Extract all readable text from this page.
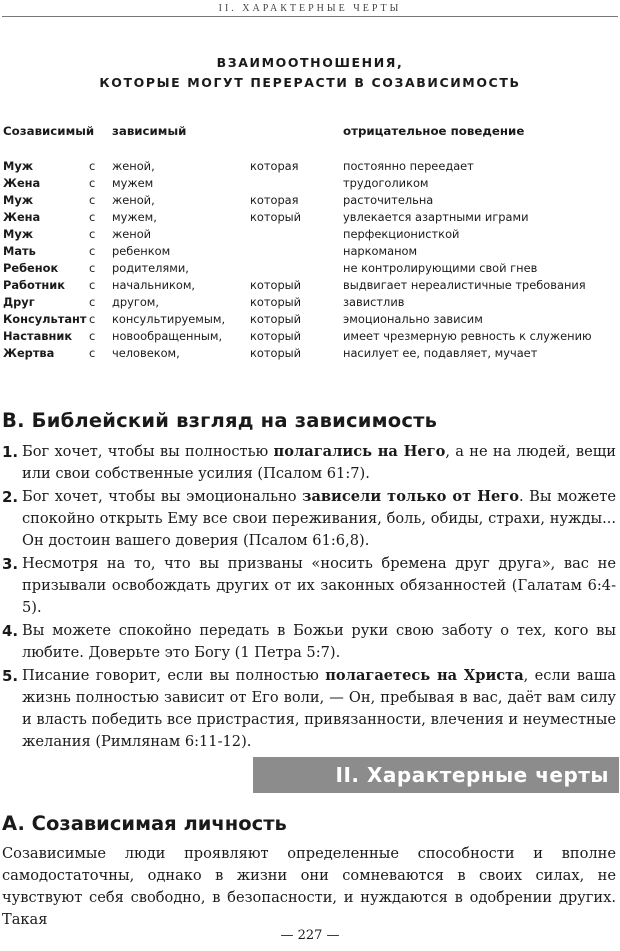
II. ХАРАКТЕРНЫЕ ЧЕРТЫ
ВЗАИМООТНОШЕНИЯ,
КОТОРЫЕ МОГУТ ПЕРЕРАСТИ В СОЗАВИСИМОСТЬ
Созависимый зависимый	отрицательное поведение
Муж	с женой,	которая	постоянно переедает
Жена	с мужем	трудоголиком
Муж	с женой,	которая	расточительна
Жена	с мужем,	который	увлекается азартными играми
Муж	с женой	перфекционисткой
Мать	с ребенком	наркоманом
Ребенок	с родителями,	не контролирующими свой гнев
Работник с начальником,	который	выдвигает нереалистичные требования
Друг	с другом,	который	завистлив
Консультант с консультируемым, который	эмоционально зависим
Наставник с новообращенным, который	имеет чрезмерную ревность к служению
Жертва	с человеком,	который	насилует ее, подавляет, мучает
B. Библейский взгляд на зависимость
1. Бог хочет, чтобы вы полностью полагались на Него, а не на людей, вещи или свои собственные усилия (Псалом 61:7).
2. Бог хочет, чтобы вы эмоционально зависели только от Него. Вы можете спокойно открыть Ему все свои переживания, боль, обиды, страхи, нужды... Он достоин вашего доверия (Псалом 61:6,8).
3. Несмотря на то, что вы призваны «носить бремена друг друга», вас не призывали освобождать других от их законных обязанностей (Галатам 6:4-5).
4. Вы можете спокойно передать в Божьи руки свою заботу о тех, кого вы любите. Доверьте это Богу (1 Петра 5:7).
5. Писание говорит, если вы полностью полагаетесь на Христа, если ваша жизнь полностью зависит от Его воли, — Он, пребывая в вас, даёт вам силу и власть победить все пристрастия, привязанности, влечения и неуместные желания (Римлянам 6:11-12).
II. Характерные черты
A. Созависимая личность

Созависимые люди проявляют определенные способности и вполне самодостаточны, однако в жизни они сомневаются в своих силах, не чувствуют себя свободно, в безопасности, и нуждаются в одобрении других. Такая

— 227 —
